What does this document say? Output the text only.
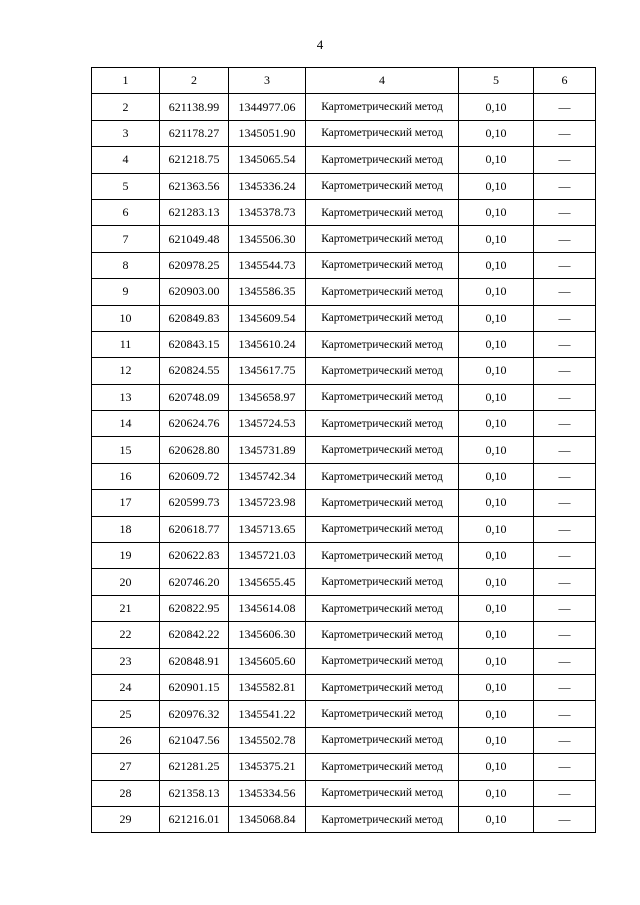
4
1	2	3	4	5	6
2	621138.99	1344977.06	Картометрический метод	0,10	—
3	621178.27	1345051.90	Картометрический метод	0,10	—
4	621218.75	1345065.54	Картометрический метод	0,10	—
5	621363.56	1345336.24	Картометрический метод	0,10	—
6	621283.13	1345378.73	Картометрический метод	0,10	—
7	621049.48	1345506.30	Картометрический метод	0,10	—
8	620978.25	1345544.73	Картометрический метод	0,10	—
9	620903.00	1345586.35	Картометрический метод	0,10	—
10	620849.83	1345609.54	Картометрический метод	0,10	—
11	620843.15	1345610.24	Картометрический метод	0,10	—
12	620824.55	1345617.75	Картометрический метод	0,10	—
13	620748.09	1345658.97	Картометрический метод	0,10	—
14	620624.76	1345724.53	Картометрический метод	0,10	—
15	620628.80	1345731.89	Картометрический метод	0,10	—
16	620609.72	1345742.34	Картометрический метод	0,10	—
17	620599.73	1345723.98	Картометрический метод	0,10	—
18	620618.77	1345713.65	Картометрический метод	0,10	—
19	620622.83	1345721.03	Картометрический метод	0,10	—
20	620746.20	1345655.45	Картометрический метод	0,10	—
21	620822.95	1345614.08	Картометрический метод	0,10	—
22	620842.22	1345606.30	Картометрический метод	0,10	—
23	620848.91	1345605.60	Картометрический метод	0,10	—
24	620901.15	1345582.81	Картометрический метод	0,10	—
25	620976.32	1345541.22	Картометрический метод	0,10	—
26	621047.56	1345502.78	Картометрический метод	0,10	—
27	621281.25	1345375.21	Картометрический метод	0,10	—
28	621358.13	1345334.56	Картометрический метод	0,10	—
29	621216.01	1345068.84	Картометрический метод	0,10	—
